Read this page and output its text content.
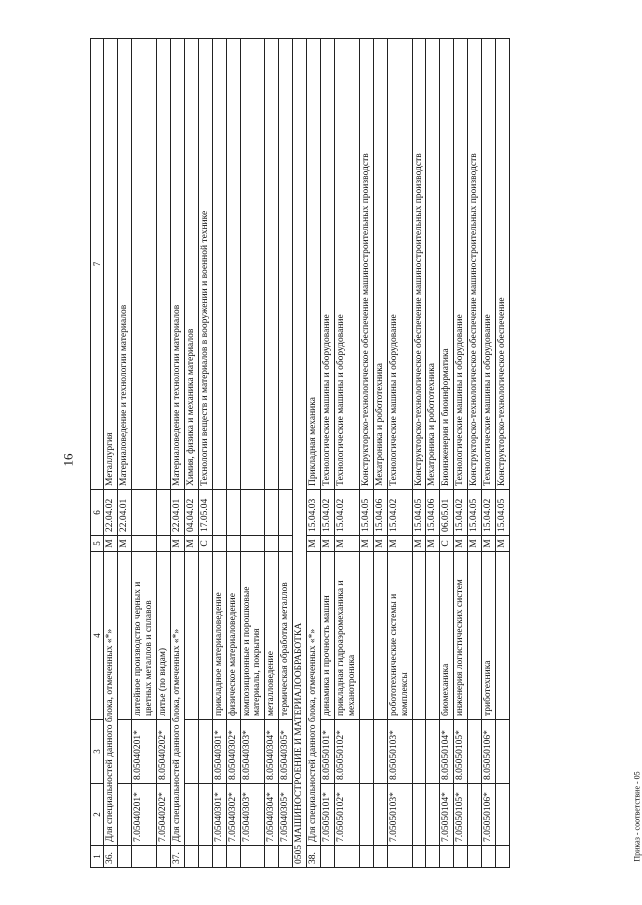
16
Приказ - соответствие - 05
1	2	3	4	5	6	7
36.	Для специальностей данного блока, отмеченных «*»			М	22.04.02	Металлургия
				М	22.04.01	Материаловедение и технологии материалов
	7.05040201*	8.05040201*	литейное производство черных и цветных металлов и сплавов			
	7.05040202*	8.05040202*	литье (по видам)			
37.	Для специальностей данного блока, отмеченных «*»			М	22.04.01	Материаловедение и технологии материалов
				М	04.04.02	Химия, физика и механика материалов
				С	17.05.04	Технологии веществ и материалов в вооружении и военной технике
	7.05040301*	8.05040301*	прикладное материаловедение			
	7.05040302*	8.05040302*	физическое материаловедение			
	7.05040303*	8.05040303*	композиционные и порошковые материалы, покрытия			
	7.05040304*	8.05040304*	металловедение			
	7.05040305*	8.05040305*	термическая обработка металлов			
0505 МАШИНОСТРОЕНИЕ И МАТЕРИАЛООБРАБОТКА						
38.	Для специальностей данного блока, отмеченных «*»			М	15.04.03	Прикладная механика
	7.05050101*	8.05050101*	динамика и прочность машин	М	15.04.02	Технологические машины и оборудование
	7.05050102*	8.05050102*	прикладная гидроаэромеханика и механотроника	М	15.04.02	Технологические машины и оборудование
				М	15.04.05	Конструкторско-технологическое обеспечение машиностроительных производств
				М	15.04.06	Мехатроника и робототехника
	7.05050103*	8.05050103*	робототехнические системы и комплексы	М	15.04.02	Технологические машины и оборудование
				М	15.04.05	Конструкторско-технологическое обеспечение машиностроительных производств
				М	15.04.06	Мехатроника и робототехника
	7.05050104*	8.05050104*	биомеханика	С	06.05.01	Биоинженерия и биоинформатика
	7.05050105*	8.05050105*	инженерия логистических систем	М	15.04.02	Технологические машины и оборудование
				М	15.04.05	Конструкторско-технологическое обеспечение машиностроительных производств
	7.05050106*	8.05050106*	триботехника	М	15.04.02	Технологические машины и оборудование
				М	15.04.05	Конструкторско-технологическое обеспечение
